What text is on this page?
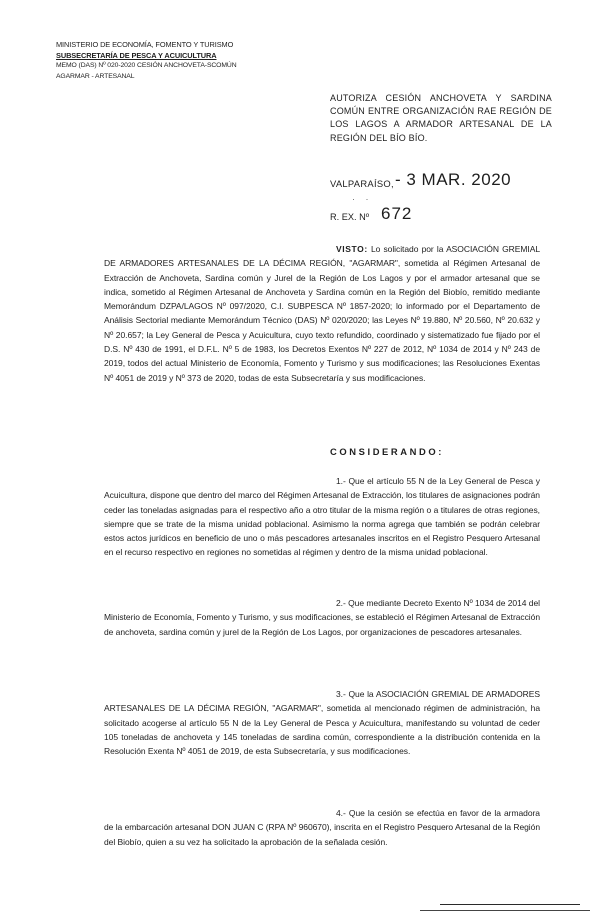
MINISTERIO DE ECONOMÍA, FOMENTO Y TURISMO
SUBSECRETARÍA DE PESCA Y ACUICULTURA
MEMO (DAS) Nº 020-2020 CESIÓN ANCHOVETA-SCOMÚN
AGARMAR - ARTESANAL
AUTORIZA CESIÓN ANCHOVETA Y SARDINA COMÚN ENTRE ORGANIZACIÓN RAE REGIÓN DE LOS LAGOS A ARMADOR ARTESANAL DE LA REGIÓN DEL BÍO BÍO.
VALPARAÍSO, - 3 MAR. 2020
· ·
R. EX. Nº 672
VISTO: Lo solicitado por la ASOCIACIÓN GREMIAL DE ARMADORES ARTESANALES DE LA DÉCIMA REGIÓN, "AGARMAR", sometida al Régimen Artesanal de Extracción de Anchoveta, Sardina común y Jurel de la Región de Los Lagos y por el armador artesanal que se indica, sometido al Régimen Artesanal de Anchoveta y Sardina común en la Región del Biobío, remitido mediante Memorándum DZPA/LAGOS Nº 097/2020, C.I. SUBPESCA Nº 1857-2020; lo informado por el Departamento de Análisis Sectorial mediante Memorándum Técnico (DAS) Nº 020/2020; las Leyes Nº 19.880, Nº 20.560, Nº 20.632 y Nº 20.657; la Ley General de Pesca y Acuicultura, cuyo texto refundido, coordinado y sistematizado fue fijado por el D.S. Nº 430 de 1991, el D.F.L. Nº 5 de 1983, los Decretos Exentos Nº 227 de 2012, Nº 1034 de 2014 y Nº 243 de 2019, todos del actual Ministerio de Economía, Fomento y Turismo y sus modificaciones; las Resoluciones Exentas Nº 4051 de 2019 y Nº 373 de 2020, todas de esta Subsecretaría y sus modificaciones.
CONSIDERANDO:
1.- Que el artículo 55 N de la Ley General de Pesca y Acuicultura, dispone que dentro del marco del Régimen Artesanal de Extracción, los titulares de asignaciones podrán ceder las toneladas asignadas para el respectivo año a otro titular de la misma región o a titulares de otras regiones, siempre que se trate de la misma unidad poblacional. Asimismo la norma agrega que también se podrán celebrar estos actos jurídicos en beneficio de uno o más pescadores artesanales inscritos en el Registro Pesquero Artesanal en el recurso respectivo en regiones no sometidas al régimen y dentro de la misma unidad poblacional.
2.- Que mediante Decreto Exento Nº 1034 de 2014 del Ministerio de Economía, Fomento y Turismo, y sus modificaciones, se estableció el Régimen Artesanal de Extracción de anchoveta, sardina común y jurel de la Región de Los Lagos, por organizaciones de pescadores artesanales.
3.- Que la ASOCIACIÓN GREMIAL DE ARMADORES ARTESANALES DE LA DÉCIMA REGIÓN, "AGARMAR", sometida al mencionado régimen de administración, ha solicitado acogerse al artículo 55 N de la Ley General de Pesca y Acuicultura, manifestando su voluntad de ceder 105 toneladas de anchoveta y 145 toneladas de sardina común, correspondiente a la distribución contenida en la Resolución Exenta Nº 4051 de 2019, de esta Subsecretaría, y sus modificaciones.
4.- Que la cesión se efectúa en favor de la armadora de la embarcación artesanal DON JUAN C (RPA Nº 960670), inscrita en el Registro Pesquero Artesanal de la Región del Biobío, quien a su vez ha solicitado la aprobación de la señalada cesión.
